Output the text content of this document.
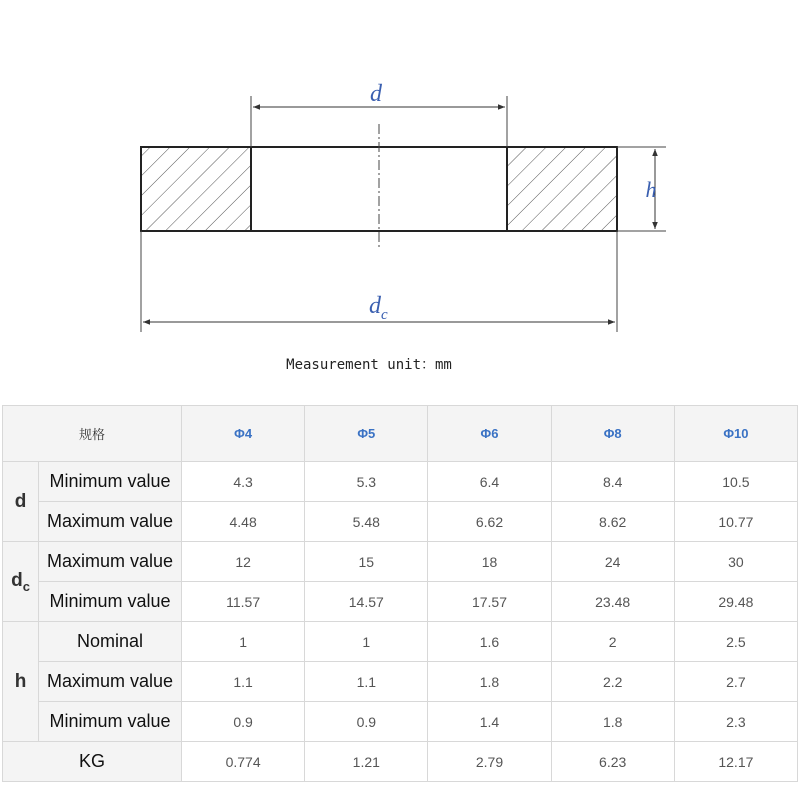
d
h
$d_c$
Measurement unit：mm
规格		Φ4	Φ5	Φ6	Φ8	Φ10
d	Minimum value	4.3	5.3	6.4	8.4	10.5
	Maximum value	4.48	5.48	6.62	8.62	10.77
$d_c$	Maximum value	12	15	18	24	30
	Minimum value	11.57	14.57	17.57	23.48	29.48
h	Nominal	1	1	1.6	2	2.5
	Maximum value	1.1	1.1	1.8	2.2	2.7
	Minimum value	0.9	0.9	1.4	1.8	2.3
KG		0.774	1.21	2.79	6.23	12.17
